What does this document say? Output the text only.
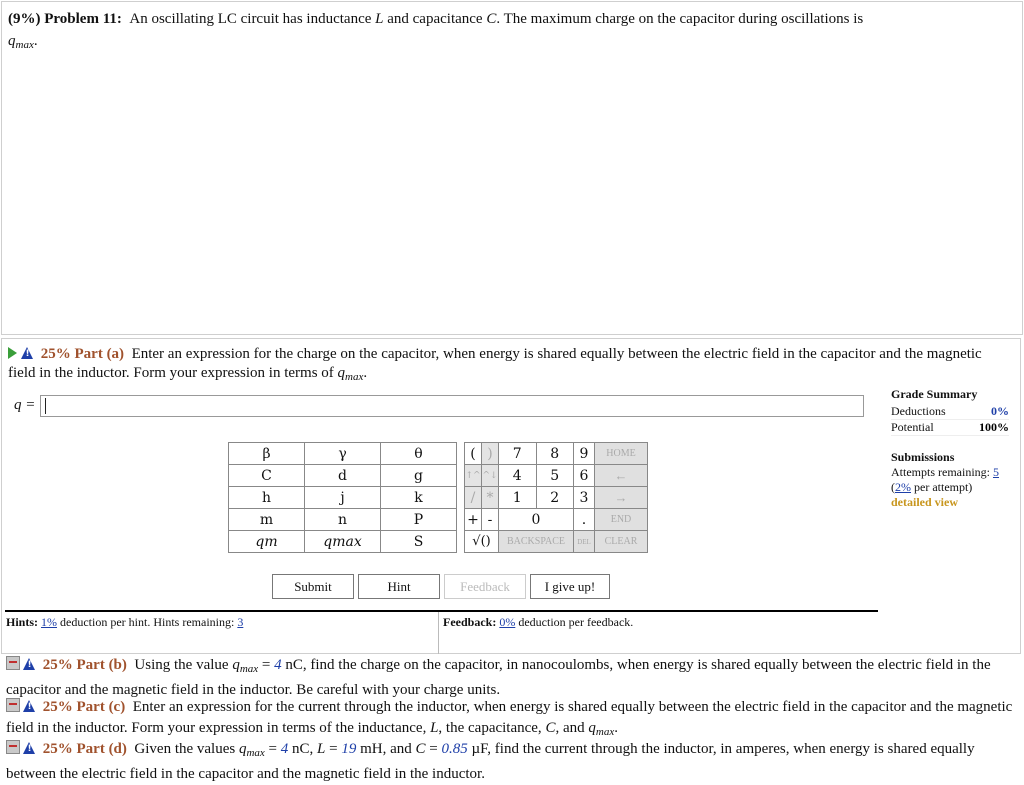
(9%) Problem 11: An oscillating LC circuit has inductance L and capacitance C. The maximum charge on the capacitor during oscillations is
$q_{max}$.
! 25% Part (a) Enter an expression for the charge on the capacitor, when energy is shared equally between the electric field in the capacitor and the magnetic field in the inductor. Form your expression in terms of $q_{max}$.
q =
β	γ	θ
C	d	g
h	j	k
m	n	P
qm	qmax	S
(	)	7	8	9	HOME
↑^	^↓	4	5	6	←
/	*	1	2	3	→
+	-	0		.	END
√()		BACKSPACE		DEL	CLEAR
Grade Summary
Deductions	0%
Potential	100%
Submissions
Attempts remaining: 5
(2% per attempt)
detailed view
Submit	Hint	Feedback	I give up!
Hints: 1% deduction per hint. Hints remaining: 3	Feedback: 0% deduction per feedback.
! 25% Part (b) Using the value $q_{max} = 4$ nC, find the charge on the capacitor, in nanocoulombs, when energy is shared equally between the electric field in the capacitor and the magnetic field in the inductor. Be careful with your charge units.
! 25% Part (c) Enter an expression for the current through the inductor, when energy is shared equally between the electric field in the capacitor and the magnetic field in the inductor. Form your expression in terms of the inductance, L, the capacitance, C, and $q_{max}$.
! 25% Part (d) Given the values $q_{max} = 4$ nC, L = 19 mH, and C = 0.85 µF, find the current through the inductor, in amperes, when energy is shared equally between the electric field in the capacitor and the magnetic field in the inductor.
